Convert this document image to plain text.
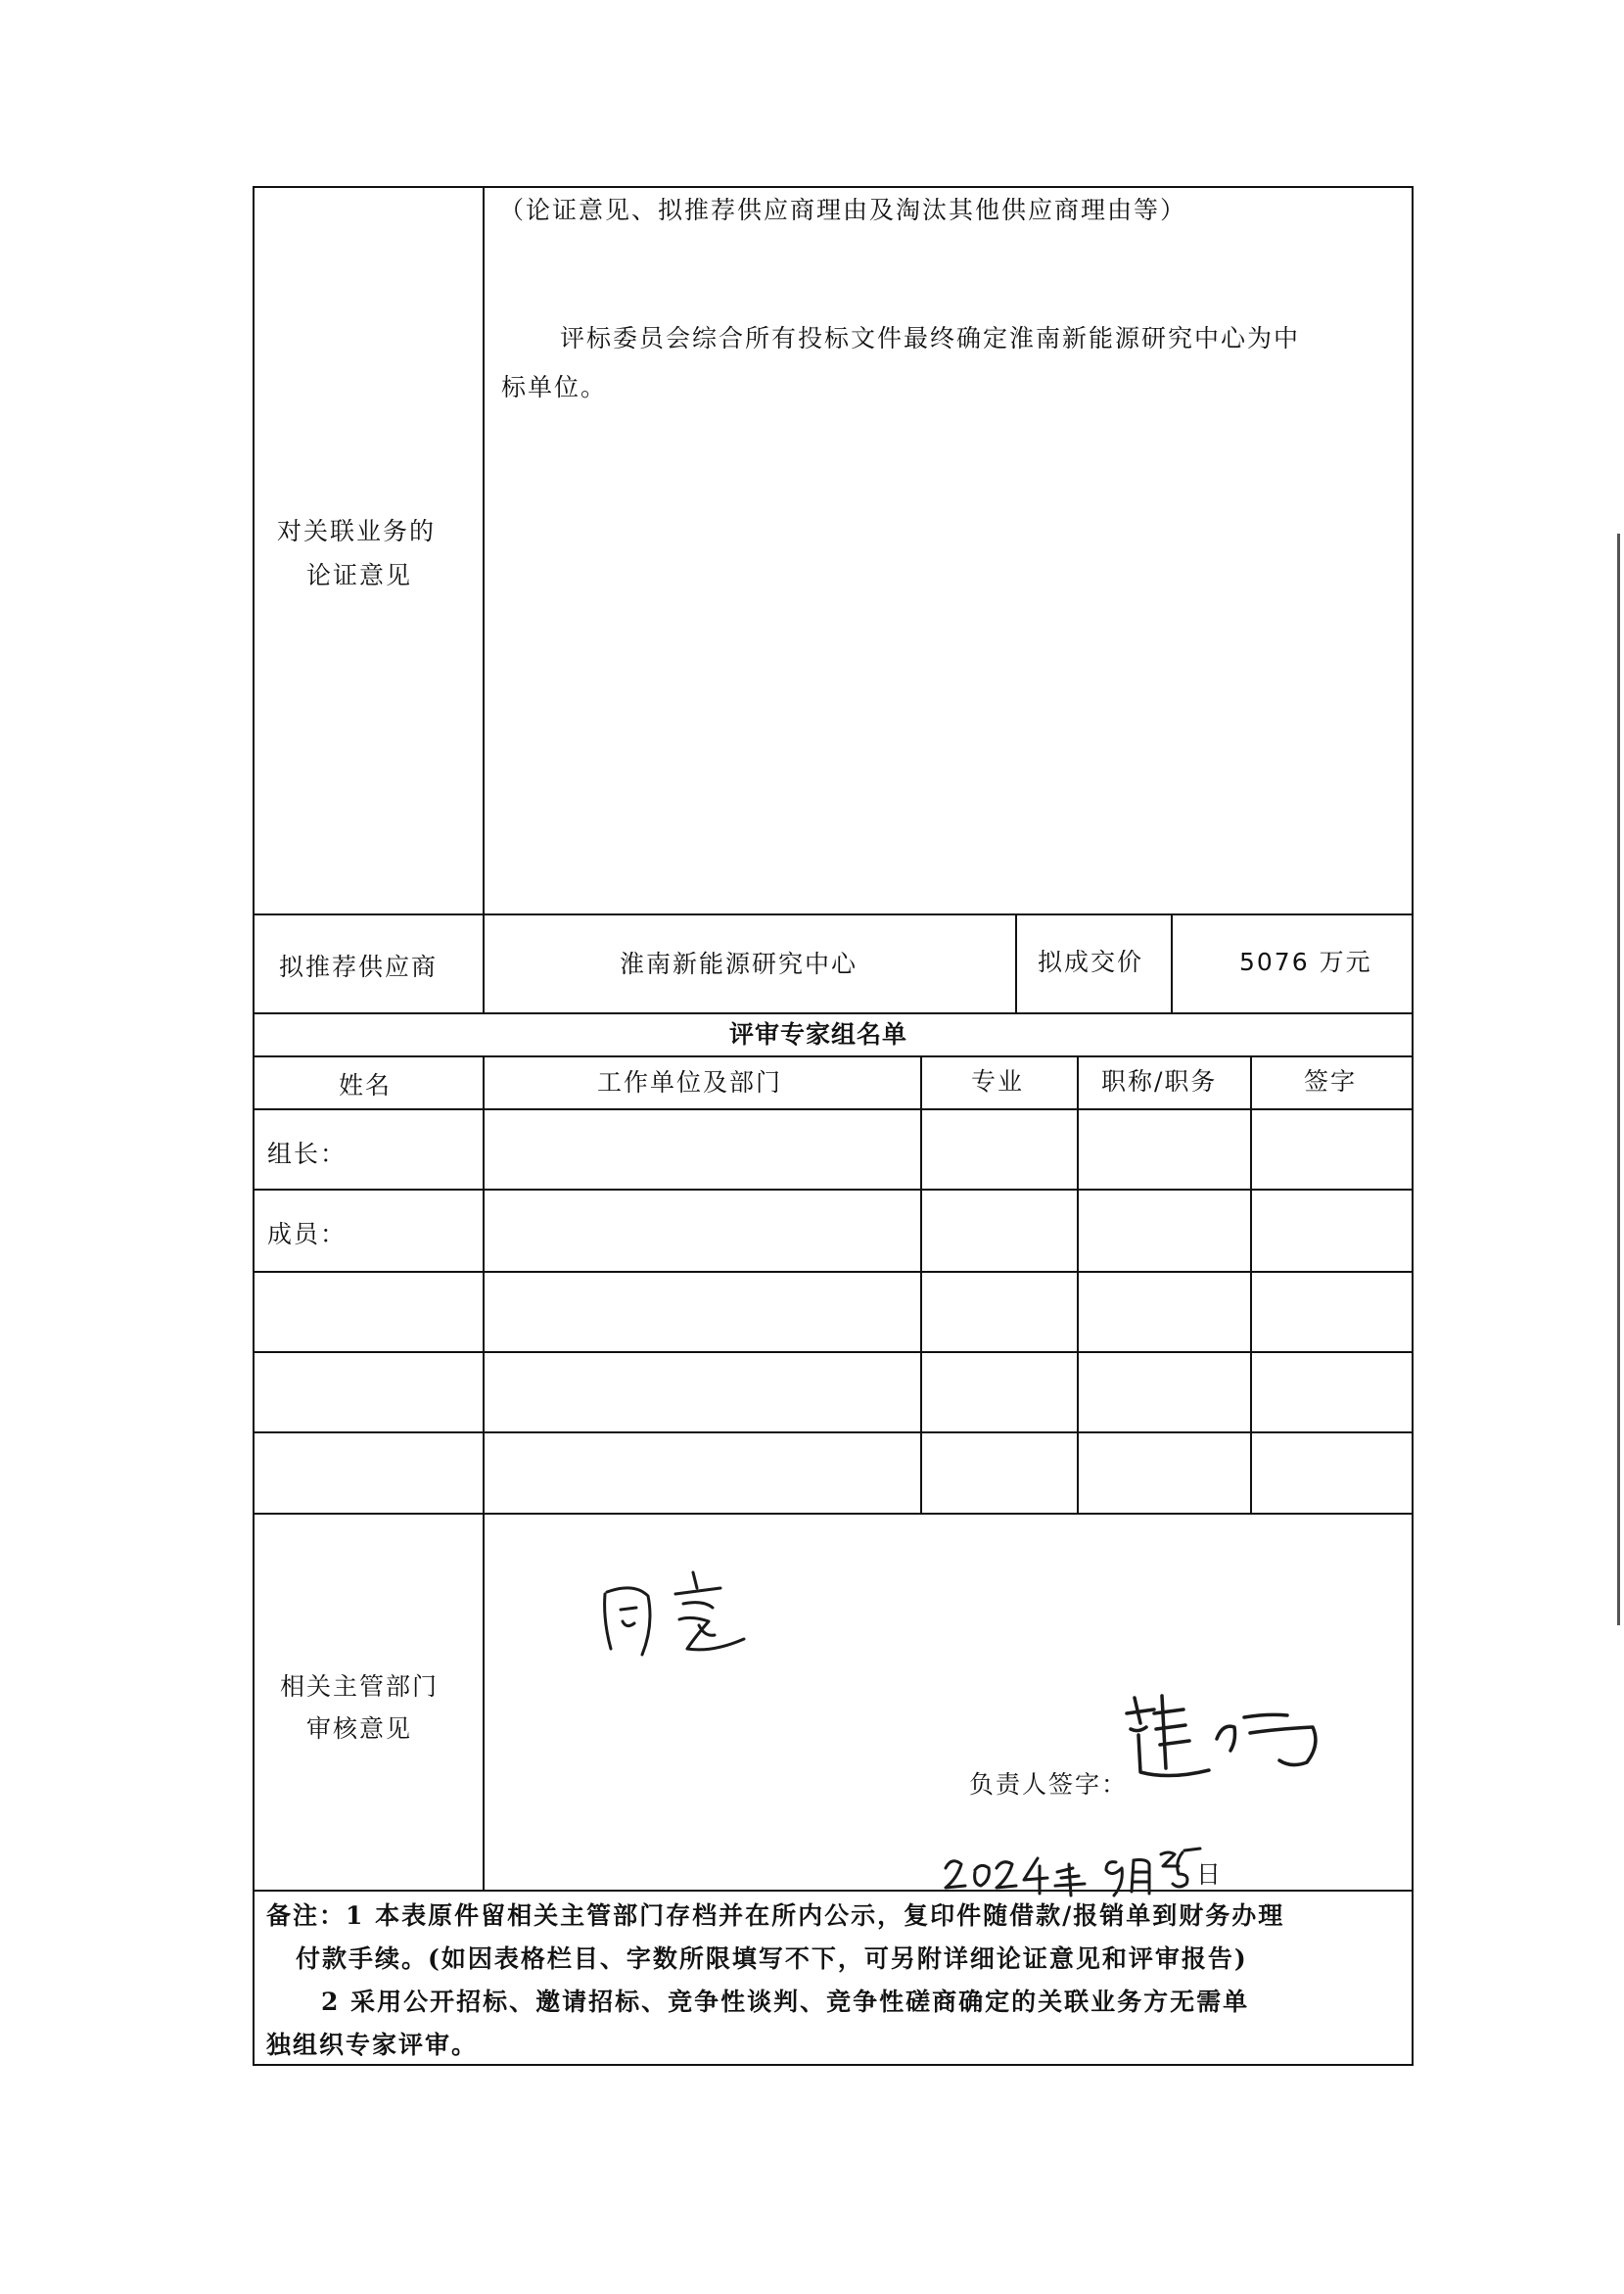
对关联业务的
论证意见
（论证意见、拟推荐供应商理由及淘汰其他供应商理由等）
评标委员会综合所有投标文件最终确定淮南新能源研究中心为中
标单位。
拟推荐供应商	淮南新能源研究中心	拟成交价	5076 万元
评审专家组名单
姓名	工作单位及部门	专业	职称/职务	签字
组长：
成员：
相关主管部门
审核意见
负责人签字：
日
备注：1 本表原件留相关主管部门存档并在所内公示，复印件随借款/报销单到财务办理
付款手续。(如因表格栏目、字数所限填写不下，可另附详细论证意见和评审报告)
2 采用公开招标、邀请招标、竞争性谈判、竞争性磋商确定的关联业务方无需单
独组织专家评审。
